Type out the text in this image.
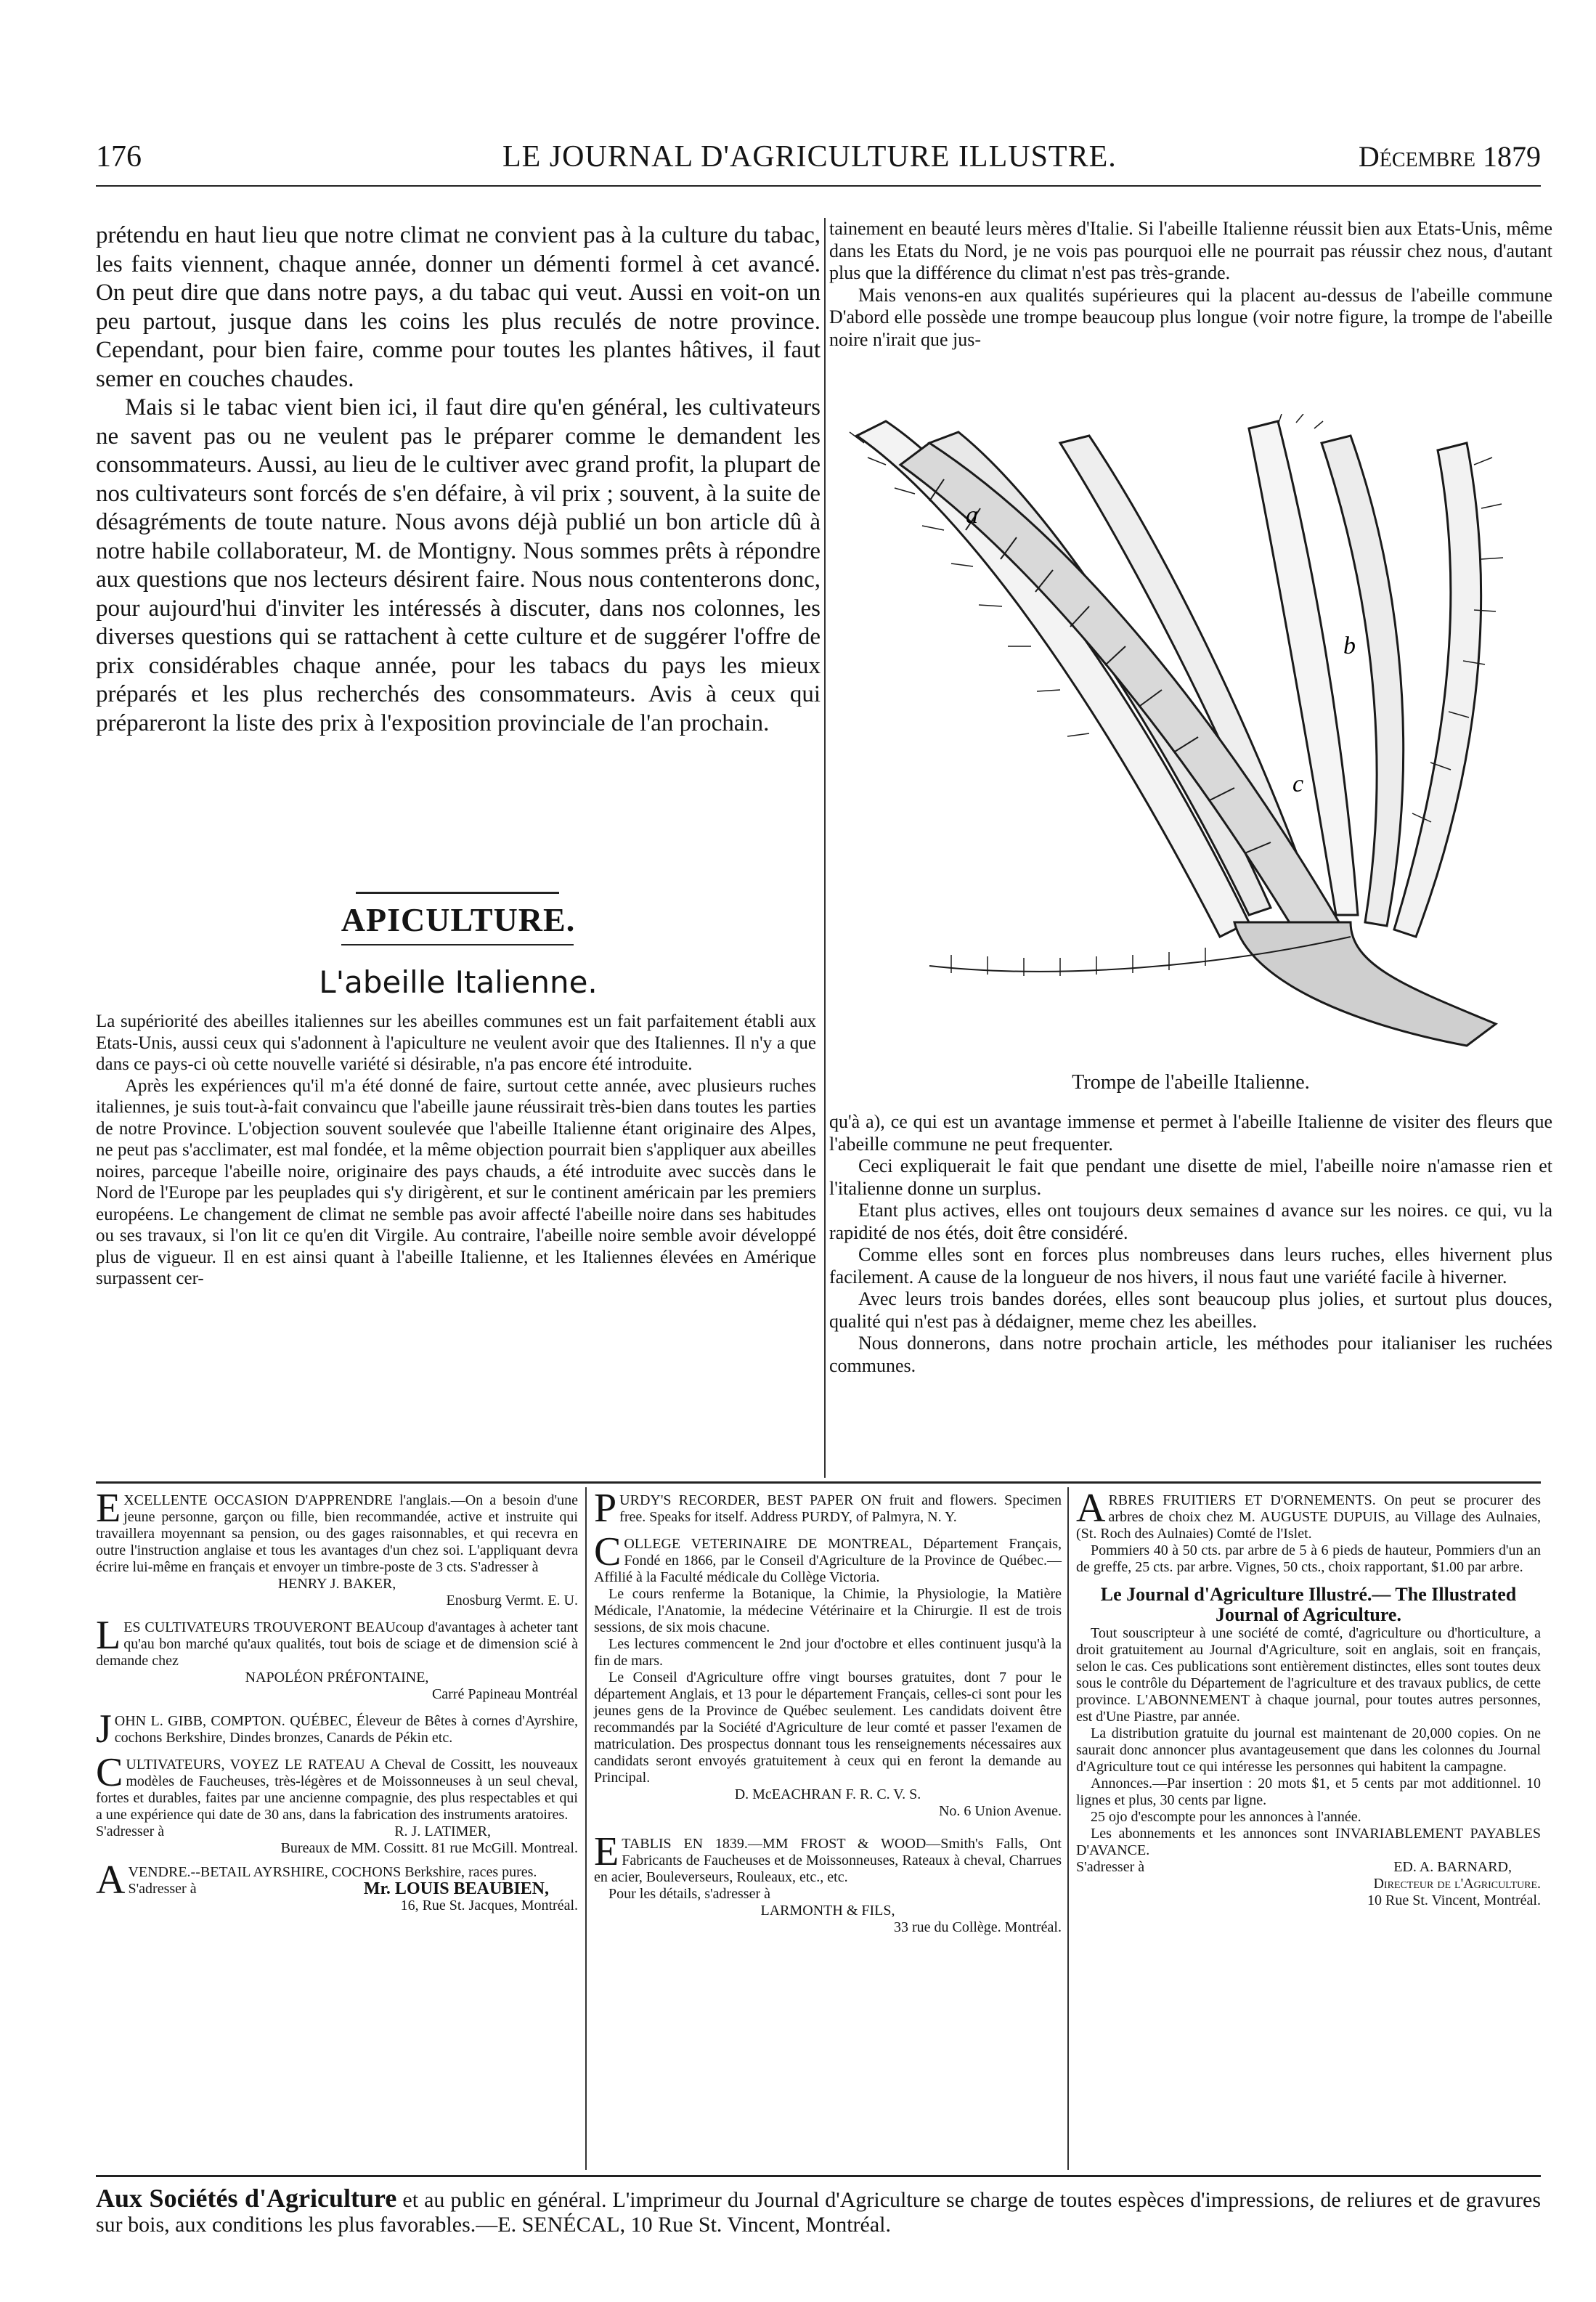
176	LE JOURNAL D'AGRICULTURE ILLUSTRE.	Décembre 1879

prétendu en haut lieu que notre climat ne convient pas à la culture du tabac, les faits viennent, chaque année, donner un démenti formel à cet avancé. On peut dire que dans notre pays, a du tabac qui veut. Aussi en voit-on un peu partout, jusque dans les coins les plus reculés de notre province. Cependant, pour bien faire, comme pour toutes les plantes hâtives, il faut semer en couches chaudes.

Mais si le tabac vient bien ici, il faut dire qu'en général, les cultivateurs ne savent pas ou ne veulent pas le préparer comme le demandent les consommateurs. Aussi, au lieu de le cultiver avec grand profit, la plupart de nos cultivateurs sont forcés de s'en défaire, à vil prix ; souvent, à la suite de désagréments de toute nature. Nous avons déjà publié un bon article dû à notre habile collaborateur, M. de Montigny. Nous sommes prêts à répondre aux questions que nos lecteurs désirent faire. Nous nous contenterons donc, pour aujourd'hui d'inviter les intéressés à discuter, dans nos colonnes, les diverses questions qui se rattachent à cette culture et de suggérer l'offre de prix considérables chaque année, pour les tabacs du pays les mieux préparés et les plus recherchés des consommateurs. Avis à ceux qui prépareront la liste des prix à l'exposition provinciale de l'an prochain.

APICULTURE.
L'abeille Italienne.

La supériorité des abeilles italiennes sur les abeilles communes est un fait parfaitement établi aux Etats-Unis, aussi ceux qui s'adonnent à l'apiculture ne veulent avoir que des Italiennes. Il n'y a que dans ce pays-ci où cette nouvelle variété si désirable, n'a pas encore été introduite.

Après les expériences qu'il m'a été donné de faire, surtout cette année, avec plusieurs ruches italiennes, je suis tout-à-fait convaincu que l'abeille jaune réussirait très-bien dans toutes les parties de notre Province. L'objection souvent soulevée que l'abeille Italienne étant originaire des Alpes, ne peut pas s'acclimater, est mal fondée, et la même objection pourrait bien s'appliquer aux abeilles noires, parceque l'abeille noire, originaire des pays chauds, a été introduite avec succès dans le Nord de l'Europe par les peuplades qui s'y dirigèrent, et sur le continent américain par les premiers européens. Le changement de climat ne semble pas avoir affecté l'abeille noire dans ses habitudes ou ses travaux, si l'on lit ce qu'en dit Virgile. Au contraire, l'abeille noire semble avoir développé plus de vigueur. Il en est ainsi quant à l'abeille Italienne, et les Italiennes élevées en Amérique surpassent cer-

tainement en beauté leurs mères d'Italie. Si l'abeille Italienne réussit bien aux Etats-Unis, même dans les Etats du Nord, je ne vois pas pourquoi elle ne pourrait pas réussir chez nous, d'autant plus que la différence du climat n'est pas très-grande.

Mais venons-en aux qualités supérieures qui la placent au-dessus de l'abeille commune D'abord elle possède une trompe beaucoup plus longue (voir notre figure, la trompe de l'abeille noire n'irait que jus-

a
b
c
Trompe de l'abeille Italienne.

qu'à a), ce qui est un avantage immense et permet à l'abeille Italienne de visiter des fleurs que l'abeille commune ne peut frequenter.

Ceci expliquerait le fait que pendant une disette de miel, l'abeille noire n'amasse rien et l'italienne donne un surplus.

Etant plus actives, elles ont toujours deux semaines d avance sur les noires. ce qui, vu la rapidité de nos étés, doit être considéré.

Comme elles sont en forces plus nombreuses dans leurs ruches, elles hivernent plus facilement. A cause de la longueur de nos hivers, il nous faut une variété facile à hiverner.

Avec leurs trois bandes dorées, elles sont beaucoup plus jolies, et surtout plus douces, qualité qui n'est pas à dédaigner, meme chez les abeilles.

Nous donnerons, dans notre prochain article, les méthodes pour italianiser les ruchées communes.

EXCELLENTE OCCASION D'APPRENDRE l'anglais.—On a besoin d'une jeune personne, garçon ou fille, bien recommandée, active et instruite qui travaillera moyennant sa pension, ou des gages raisonnables, et qui recevra en outre l'instruction anglaise et tous les avantages d'un chez soi. L'appliquant devra écrire lui-même en français et envoyer un timbre-poste de 3 cts. S'adresser à

HENRY J. BAKER,

Enosburg Vermt. E. U.

LES CULTIVATEURS TROUVERONT BEAUcoup d'avantages à acheter tant qu'au bon marché qu'aux qualités, tout bois de sciage et de dimension scié à demande chez

NAPOLÉON PRÉFONTAINE,

Carré Papineau Montréal

JOHN L. GIBB, COMPTON. QUÉBEC, Éleveur de Bêtes à cornes d'Ayrshire, cochons Berkshire, Dindes bronzes, Canards de Pékin etc.

CULTIVATEURS, VOYEZ LE RATEAU A Cheval de Cossitt, les nouveaux modèles de Faucheuses, très-légères et de Moissonneuses à un seul cheval, fortes et durables, faites par une ancienne compagnie, des plus respectables et qui a une expérience qui date de 30 ans, dans la fabrication des instruments aratoires.

S'adresser à	R. J. LATIMER,

Bureaux de MM. Cossitt. 81 rue McGill. Montreal.

AVENDRE.--BETAIL AYRSHIRE, COCHONS Berkshire, races pures.

S'adresser à	Mr. LOUIS BEAUBIEN,

16, Rue St. Jacques, Montréal.

PURDY'S RECORDER, BEST PAPER ON fruit and flowers. Specimen free. Speaks for itself. Address PURDY, of Palmyra, N. Y.

COLLEGE VETERINAIRE DE MONTREAL, Département Français, Fondé en 1866, par le Conseil d'Agriculture de la Province de Québec.—Affilié à la Faculté médicale du Collège Victoria.

Le cours renferme la Botanique, la Chimie, la Physiologie, la Matière Médicale, l'Anatomie, la médecine Vétérinaire et la Chirurgie. Il est de trois sessions, de six mois chacune.

Les lectures commencent le 2nd jour d'octobre et elles continuent jusqu'à la fin de mars.

Le Conseil d'Agriculture offre vingt bourses gratuites, dont 7 pour le département Anglais, et 13 pour le département Français, celles-ci sont pour les jeunes gens de la Province de Québec seulement. Les candidats doivent être recommandés par la Société d'Agriculture de leur comté et passer l'examen de matriculation. Des prospectus donnant tous les renseignements nécessaires aux candidats seront envoyés gratuitement à ceux qui en feront la demande au Principal.

D. McEACHRAN F. R. C. V. S.

No. 6 Union Avenue.

ETABLIS EN 1839.—MM FROST & WOOD—Smith's Falls, Ont Fabricants de Faucheuses et de Moissonneuses, Rateaux à cheval, Charrues en acier, Bouleverseurs, Rouleaux, etc., etc.

Pour les détails, s'adresser à

LARMONTH & FILS,

33 rue du Collège. Montréal.

ARBRES FRUITIERS ET D'ORNEMENTS. On peut se procurer des arbres de choix chez M. AUGUSTE DUPUIS, au Village des Aulnaies, (St. Roch des Aulnaies) Comté de l'Islet.

Pommiers 40 à 50 cts. par arbre de 5 à 6 pieds de hauteur, Pommiers d'un an de greffe, 25 cts. par arbre. Vignes, 50 cts., choix rapportant, $1.00 par arbre.

Le Journal d'Agriculture Illustré.— The Illustrated Journal of Agriculture.

Tout souscripteur à une société de comté, d'agriculture ou d'horticulture, a droit gratuitement au Journal d'Agriculture, soit en anglais, soit en français, selon le cas. Ces publications sont entièrement distinctes, elles sont toutes deux sous le contrôle du Département de l'agriculture et des travaux publics, de cette province. L'ABONNEMENT à chaque journal, pour toutes autres personnes, est d'Une Piastre, par année.

La distribution gratuite du journal est maintenant de 20,000 copies. On ne saurait donc annoncer plus avantageusement que dans les colonnes du Journal d'Agriculture tout ce qui intéresse les personnes qui habitent la campagne.

Annonces.—Par insertion : 20 mots $1, et 5 cents par mot additionnel. 10 lignes et plus, 30 cents par ligne.

25 ojo d'escompte pour les annonces à l'année.

Les abonnements et les annonces sont INVARIABLEMENT PAYABLES D'AVANCE.

S'adresser à	ED. A. BARNARD,

Directeur de l'Agriculture.

10 Rue St. Vincent, Montréal.

Aux Sociétés d'Agriculture et au public en général. L'imprimeur du Journal d'Agriculture se charge de toutes espèces d'impressions, de reliures et de gravures sur bois, aux conditions les plus favorables.—E. SENÉCAL, 10 Rue St. Vincent, Montréal.
